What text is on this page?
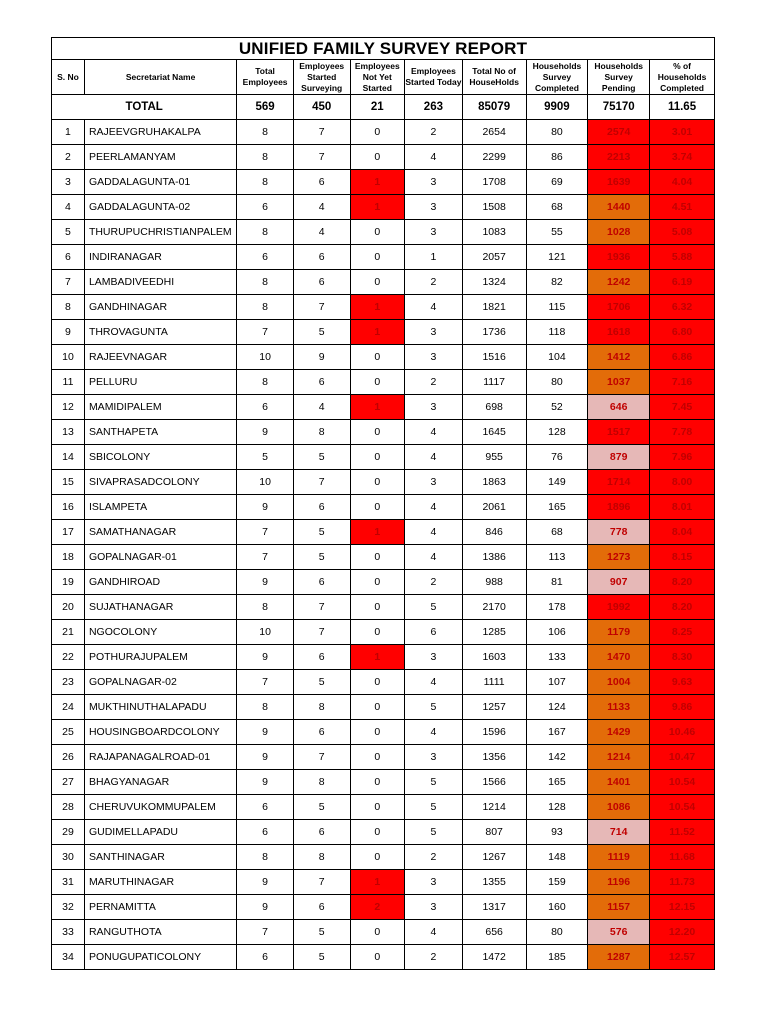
UNIFIED FAMILY SURVEY REPORT									
S. No	Secretariat Name	Total Employees	Employees Started Surveying	Employees Not Yet Started	Employees Started Today	Total No of HouseHolds	Households Survey Completed	Households Survey Pending	% of Households Completed
TOTAL		569	450	21	263	85079	9909	75170	11.65
1	RAJEEVGRUHAKALPA	8	7	0	2	2654	80	2574	3.01
2	PEERLAMANYAM	8	7	0	4	2299	86	2213	3.74
3	GADDALAGUNTA-01	8	6	1	3	1708	69	1639	4.04
4	GADDALAGUNTA-02	6	4	1	3	1508	68	1440	4.51
5	THURUPUCHRISTIANPALEM	8	4	0	3	1083	55	1028	5.08
6	INDIRANAGAR	6	6	0	1	2057	121	1936	5.88
7	LAMBADIVEEDHI	8	6	0	2	1324	82	1242	6.19
8	GANDHINAGAR	8	7	1	4	1821	115	1706	6.32
9	THROVAGUNTA	7	5	1	3	1736	118	1618	6.80
10	RAJEEVNAGAR	10	9	0	3	1516	104	1412	6.86
11	PELLURU	8	6	0	2	1117	80	1037	7.16
12	MAMIDIPALEM	6	4	1	3	698	52	646	7.45
13	SANTHAPETA	9	8	0	4	1645	128	1517	7.78
14	SBICOLONY	5	5	0	4	955	76	879	7.96
15	SIVAPRASADCOLONY	10	7	0	3	1863	149	1714	8.00
16	ISLAMPETA	9	6	0	4	2061	165	1896	8.01
17	SAMATHANAGAR	7	5	1	4	846	68	778	8.04
18	GOPALNAGAR-01	7	5	0	4	1386	113	1273	8.15
19	GANDHIROAD	9	6	0	2	988	81	907	8.20
20	SUJATHANAGAR	8	7	0	5	2170	178	1992	8.20
21	NGOCOLONY	10	7	0	6	1285	106	1179	8.25
22	POTHURAJUPALEM	9	6	1	3	1603	133	1470	8.30
23	GOPALNAGAR-02	7	5	0	4	1111	107	1004	9.63
24	MUKTHINUTHALAPADU	8	8	0	5	1257	124	1133	9.86
25	HOUSINGBOARDCOLONY	9	6	0	4	1596	167	1429	10.46
26	RAJAPANAGALROAD-01	9	7	0	3	1356	142	1214	10.47
27	BHAGYANAGAR	9	8	0	5	1566	165	1401	10.54
28	CHERUVUKOMMUPALEM	6	5	0	5	1214	128	1086	10.54
29	GUDIMELLAPADU	6	6	0	5	807	93	714	11.52
30	SANTHINAGAR	8	8	0	2	1267	148	1119	11.68
31	MARUTHINAGAR	9	7	1	3	1355	159	1196	11.73
32	PERNAMITTA	9	6	2	3	1317	160	1157	12.15
33	RANGUTHOTA	7	5	0	4	656	80	576	12.20
34	PONUGUPATICOLONY	6	5	0	2	1472	185	1287	12.57
